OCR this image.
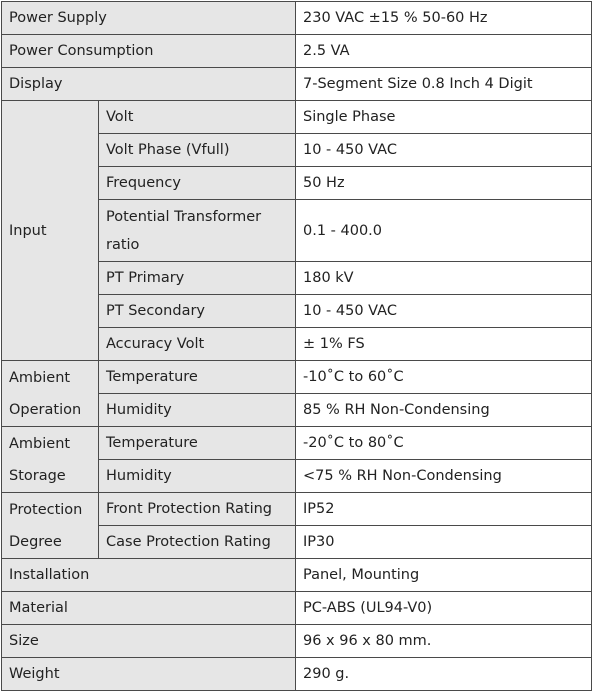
Power Supply		230 VAC ±15 % 50-60 Hz
Power Consumption		2.5 VA
Display		7-Segment Size 0.8 Inch 4 Digit
Input	Volt	Single Phase
	Volt Phase (Vfull)	10 - 450 VAC
	Frequency	50 Hz
	Potential Transformer ratio	0.1 - 400.0
	PT Primary	180 kV
	PT Secondary	10 - 450 VAC
	Accuracy Volt	± 1% FS
Ambient Operation	Temperature	-10˚C to 60˚C
	Humidity	85 % RH Non-Condensing
Ambient Storage	Temperature	-20˚C to 80˚C
	Humidity	<75 % RH Non-Condensing
Protection Degree	Front Protection Rating	IP52
	Case Protection Rating	IP30
Installation		Panel, Mounting
Material		PC-ABS (UL94-V0)
Size		96 x 96 x 80 mm.
Weight		290 g.
